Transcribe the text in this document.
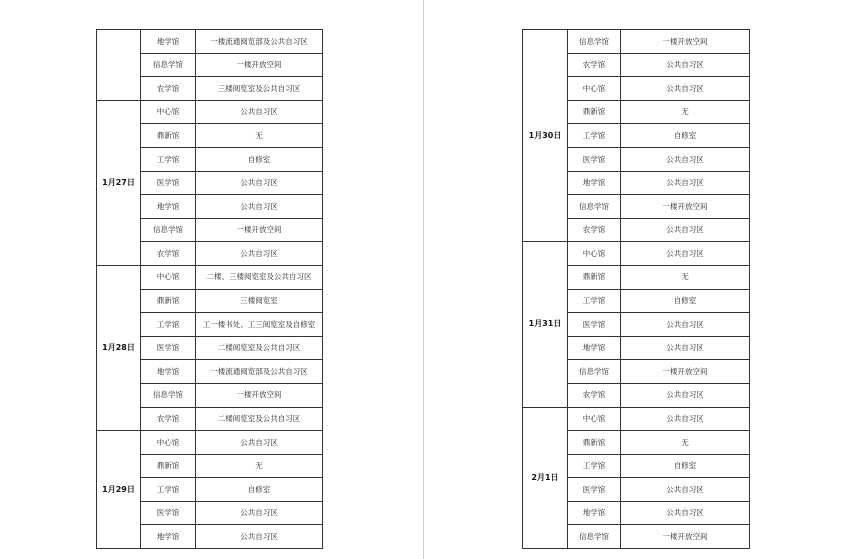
	地学馆	一楼流通阅览部及公共自习区
	信息学馆	一楼开放空间
	农学馆	三楼阅览室及公共自习区
1月27日	中心馆	公共自习区
	鼎新馆	无
	工学馆	自修室
	医学馆	公共自习区
	地学馆	公共自习区
	信息学馆	一楼开放空间
	农学馆	公共自习区
1月28日	中心馆	二楼、三楼阅览室及公共自习区
	鼎新馆	三楼阅览室
	工学馆	工一楼书处、工三阅览室及自修室
	医学馆	二楼阅览室及公共自习区
	地学馆	一楼流通阅览部及公共自习区
	信息学馆	一楼开放空间
	农学馆	二楼阅览室及公共自习区
1月29日	中心馆	公共自习区
	鼎新馆	无
	工学馆	自修室
	医学馆	公共自习区
	地学馆	公共自习区
1月30日	信息学馆	一楼开放空间
	农学馆	公共自习区
	中心馆	公共自习区
	鼎新馆	无
	工学馆	自修室
	医学馆	公共自习区
	地学馆	公共自习区
	信息学馆	一楼开放空间
	农学馆	公共自习区
1月31日	中心馆	公共自习区
	鼎新馆	无
	工学馆	自修室
	医学馆	公共自习区
	地学馆	公共自习区
	信息学馆	一楼开放空间
	农学馆	公共自习区
2月1日	中心馆	公共自习区
	鼎新馆	无
	工学馆	自修室
	医学馆	公共自习区
	地学馆	公共自习区
	信息学馆	一楼开放空间
